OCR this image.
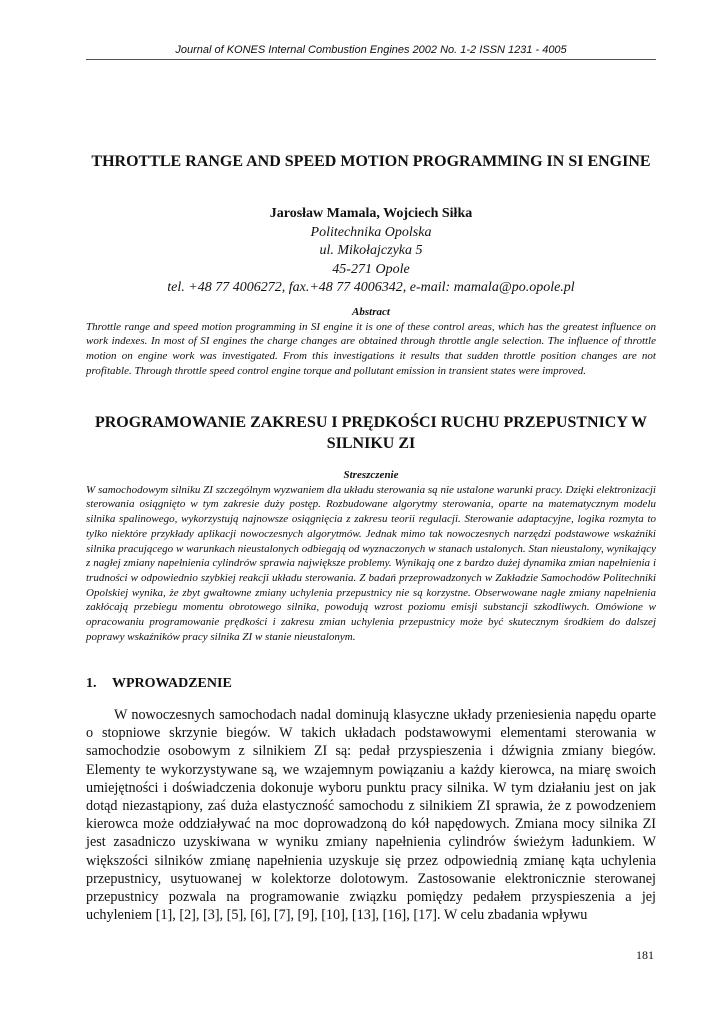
Journal of KONES Internal Combustion Engines 2002 No. 1-2 ISSN 1231 - 4005
THROTTLE RANGE AND SPEED MOTION PROGRAMMING IN SI ENGINE
Jarosław Mamala, Wojciech Siłka
Politechnika Opolska
ul. Mikołajczyka 5
45-271 Opole
tel. +48 77 4006272, fax.+48 77 4006342, e-mail: mamala@po.opole.pl
Abstract
Throttle range and speed motion programming in SI engine it is one of these control areas, which has the greatest influence on work indexes. In most of SI engines the charge changes are obtained through throttle angle selection. The influence of throttle motion on engine work was investigated. From this investigations it results that sudden throttle position changes are not profitable. Through throttle speed control engine torque and pollutant emission in transient states were improved.
PROGRAMOWANIE ZAKRESU I PRĘDKOŚCI RUCHU PRZEPUSTNICY W SILNIKU ZI
Streszczenie
W samochodowym silniku ZI szczególnym wyzwaniem dla układu sterowania są nie ustalone warunki pracy. Dzięki elektronizacji sterowania osiągnięto w tym zakresie duży postęp. Rozbudowane algorytmy sterowania, oparte na matematycznym modelu silnika spalinowego, wykorzystują najnowsze osiągnięcia z zakresu teorii regulacji. Sterowanie adaptacyjne, logika rozmyta to tylko niektóre przykłady aplikacji nowoczesnych algorytmów. Jednak mimo tak nowoczesnych narzędzi podstawowe wskaźniki silnika pracującego w warunkach nieustalonych odbiegają od wyznaczonych w stanach ustalonych. Stan nieustalony, wynikający z nagłej zmiany napełnienia cylindrów sprawia największe problemy. Wynikają one z bardzo dużej dynamika zmian napełnienia i trudności w odpowiednio szybkiej reakcji układu sterowania. Z badań przeprowadzonych w Zakładzie Samochodów Politechniki Opolskiej wynika, że zbyt gwałtowne zmiany uchylenia przepustnicy nie są korzystne. Obserwowane nagłe zmiany napełnienia zakłócają przebiegu momentu obrotowego silnika, powodują wzrost poziomu emisji substancji szkodliwych. Omówione w opracowaniu programowanie prędkości i zakresu zmian uchylenia przepustnicy może być skutecznym środkiem do dalszej poprawy wskaźników pracy silnika ZI w stanie nieustalonym.
1. WPROWADZENIE
W nowoczesnych samochodach nadal dominują klasyczne układy przeniesienia napędu oparte o stopniowe skrzynie biegów. W takich układach podstawowymi elementami sterowania w samochodzie osobowym z silnikiem ZI są: pedał przyspieszenia i dźwignia zmiany biegów. Elementy te wykorzystywane są, we wzajemnym powiązaniu a każdy kierowca, na miarę swoich umiejętności i doświadczenia dokonuje wyboru punktu pracy silnika. W tym działaniu jest on jak dotąd niezastąpiony, zaś duża elastyczność samochodu z silnikiem ZI sprawia, że z powodzeniem kierowca może oddziaływać na moc doprowadzoną do kół napędowych. Zmiana mocy silnika ZI jest zasadniczo uzyskiwana w wyniku zmiany napełnienia cylindrów świeżym ładunkiem. W większości silników zmianę napełnienia uzyskuje się przez odpowiednią zmianę kąta uchylenia przepustnicy, usytuowanej w kolektorze dolotowym. Zastosowanie elektronicznie sterowanej przepustnicy pozwala na programowanie związku pomiędzy pedałem przyspieszenia a jej uchyleniem [1], [2], [3], [5], [6], [7], [9], [10], [13], [16], [17]. W celu zbadania wpływu
181
